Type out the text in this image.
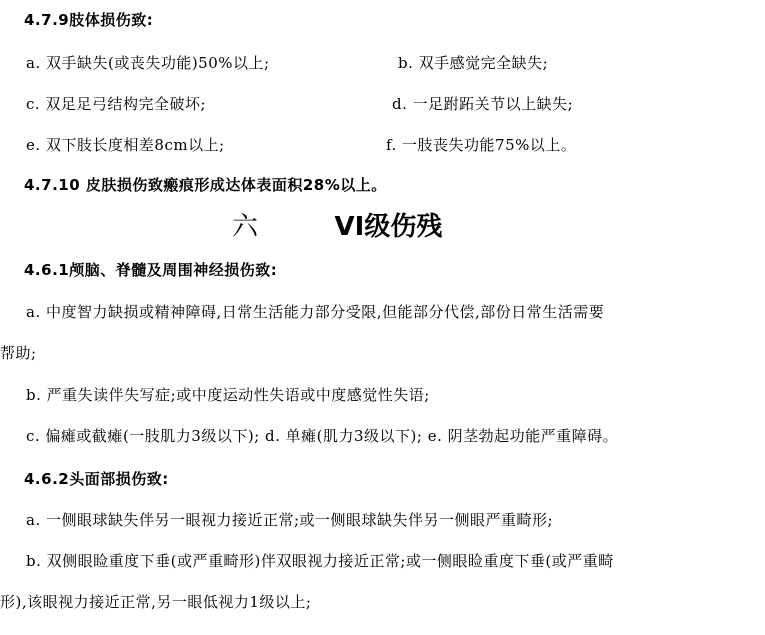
4.7.9肢体损伤致:
a. 双手缺失(或丧失功能)50%以上;	b. 双手感觉完全缺失;
c. 双足足弓结构完全破坏;	d. 一足跗跖关节以上缺失;
e. 双下肢长度相差8cm以上;	f. 一肢丧失功能75%以上。
4.7.10 皮肤损伤致瘢痕形成达体表面积28%以上。
六	VI级伤残
4.6.1颅脑、脊髓及周围神经损伤致:
a. 中度智力缺损或精神障碍,日常生活能力部分受限,但能部分代偿,部份日常生活需要
帮助;
b. 严重失读伴失写症;或中度运动性失语或中度感觉性失语;
c. 偏瘫或截瘫(一肢肌力3级以下); d. 单瘫(肌力3级以下); e. 阴茎勃起功能严重障碍。
4.6.2头面部损伤致:
a. 一侧眼球缺失伴另一眼视力接近正常;或一侧眼球缺失伴另一侧眼严重畸形;
b. 双侧眼睑重度下垂(或严重畸形)伴双眼视力接近正常;或一侧眼睑重度下垂(或严重畸
形),该眼视力接近正常,另一眼低视力1级以上;
